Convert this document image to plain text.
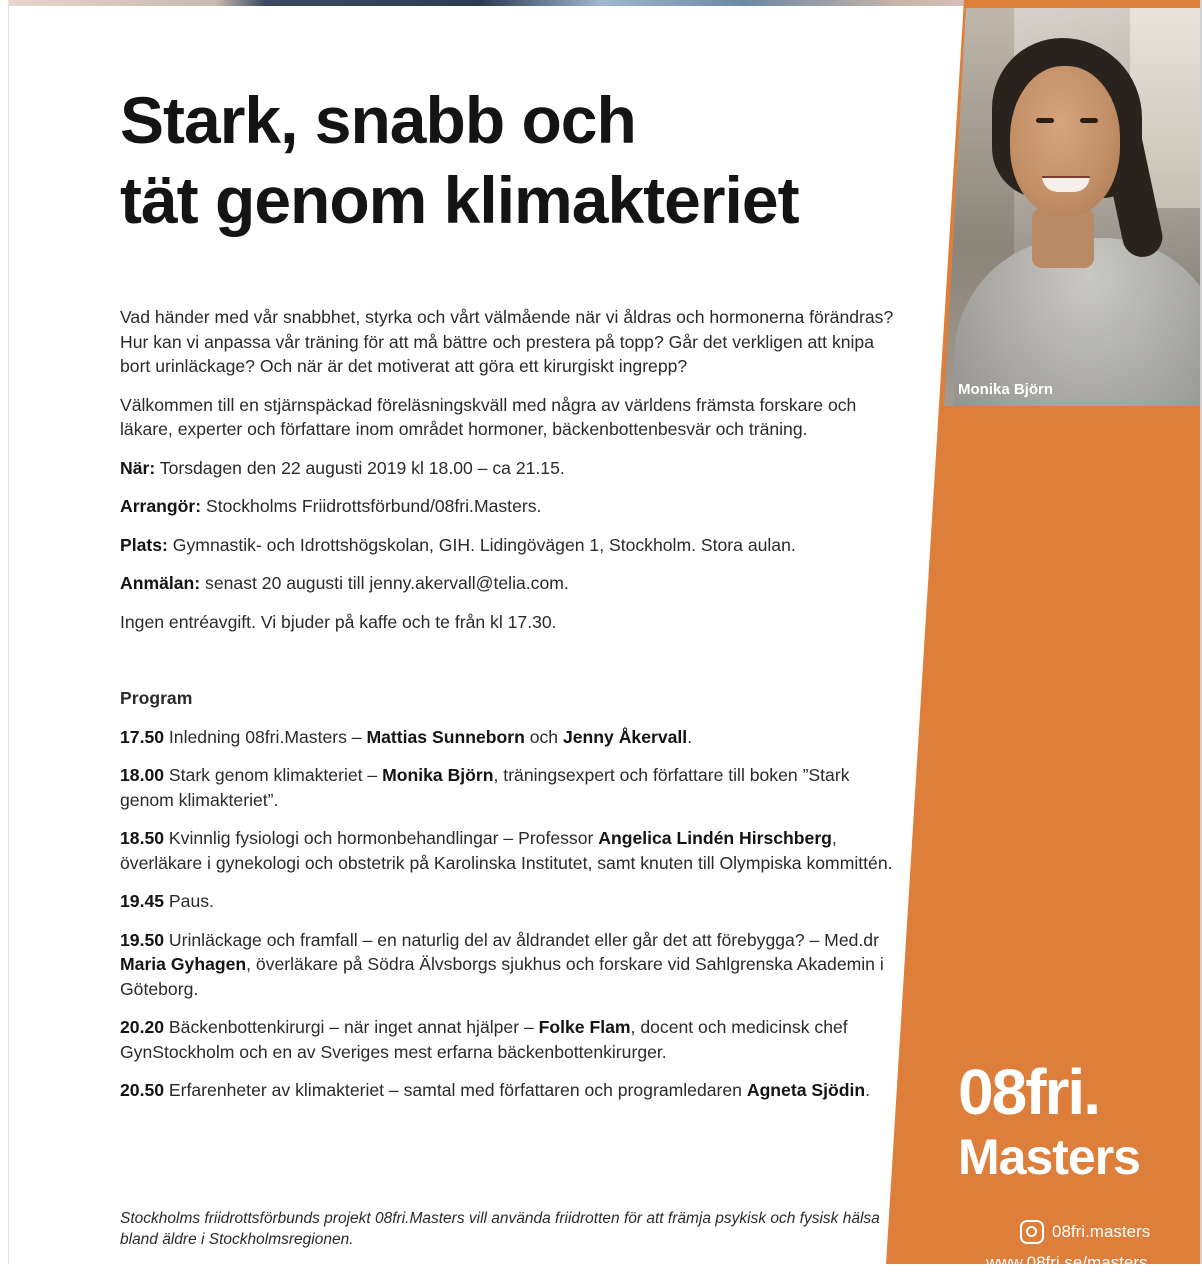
Monika Björn
08fri.
Masters
08fri.masters
www.08fri.se/masters
Stark, snabb och
tät genom klimakteriet

Vad händer med vår snabbhet, styrka och vårt välmående när vi åldras och hormonerna förändras? Hur kan vi anpassa vår träning för att må bättre och prestera på topp? Går det verkligen att knipa bort urinläckage? Och när är det motiverat att göra ett kirurgiskt ingrepp?

Välkommen till en stjärnspäckad föreläsningskväll med några av världens främsta forskare och läkare, experter och författare inom området hormoner, bäckenbottenbesvär och träning.

När: Torsdagen den 22 augusti 2019 kl 18.00 – ca 21.15.

Arrangör: Stockholms Friidrottsförbund/08fri.Masters.

Plats: Gymnastik- och Idrottshögskolan, GIH. Lidingövägen 1, Stockholm. Stora aulan.

Anmälan: senast 20 augusti till jenny.akervall@telia.com.

Ingen entréavgift. Vi bjuder på kaffe och te från kl 17.30.

Program

17.50 Inledning 08fri.Masters – Mattias Sunneborn och Jenny Åkervall.

18.00 Stark genom klimakteriet – Monika Björn, träningsexpert och författare till boken ”Stark genom klimakteriet”.

18.50 Kvinnlig fysiologi och hormonbehandlingar – Professor Angelica Lindén Hirschberg, överläkare i gynekologi och obstetrik på Karolinska Institutet, samt knuten till Olympiska kommittén.

19.45 Paus.

19.50 Urinläckage och framfall – en naturlig del av åldrandet eller går det att förebygga? – Med.dr Maria Gyhagen, överläkare på Södra Älvsborgs sjukhus och forskare vid Sahlgrenska Akademin i Göteborg.

20.20 Bäckenbottenkirurgi – när inget annat hjälper – Folke Flam, docent och medicinsk chef GynStockholm och en av Sveriges mest erfarna bäckenbottenkirurger.

20.50 Erfarenheter av klimakteriet – samtal med författaren och programledaren Agneta Sjödin.

Stockholms friidrottsförbunds projekt 08fri.Masters vill använda friidrotten för att främja psykisk och fysisk hälsa bland äldre i Stockholmsregionen.
